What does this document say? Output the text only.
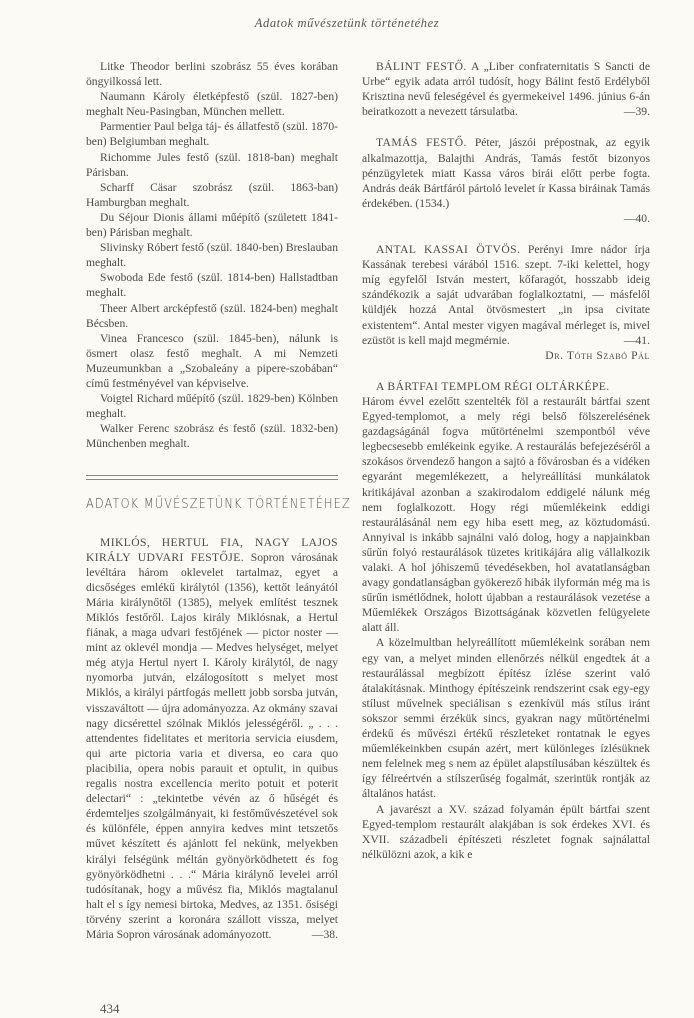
Adatok művészetünk történetéhez

Litke Theodor berlini szobrász 55 éves korában öngyilkossá lett.

Naumann Károly életképfestő (szül. 1827-ben) meghalt Neu-Pasingban, München mellett.

Parmentier Paul belga táj- és állatfestő (szül. 1870-ben) Belgiumban meghalt.

Richomme Jules festő (szül. 1818-ban) meghalt Párisban.

Scharff Cäsar szobrász (szül. 1863-ban) Hamburgban meghalt.

Du Séjour Dionis állami műépítő (született 1841-ben) Párisban meghalt.

Slivinsky Róbert festő (szül. 1840-ben) Breslauban meghalt.

Swoboda Ede festő (szül. 1814-ben) Hallstadtban meghalt.

Theer Albert arcképfestő (szül. 1824-ben) meghalt Bécsben.

Vinea Francesco (szül. 1845-ben), nálunk is ösmert olasz festő meghalt. A mi Nemzeti Muzeumunkban a „Szobaleány a pipere-szobában“ című festményével van képviselve.

Voigtel Richard műépítő (szül. 1829-ben) Kölnben meghalt.

Walker Ferenc szobrász és festő (szül. 1832-ben) Münchenben meghalt.

ADATOK MŰVÉSZETÜNK TÖRTÉNETÉHEZ

MIKLÓS, HERTUL FIA, NAGY LAJOS KIRÁLY UDVARI FESTŐJE. Sopron városának levéltára három oklevelet tartalmaz, egyet a dicsőséges emlékű királytól (1356), kettőt leányától Mária királynőtől (1385), melyek említést tesznek Miklós festőről. Lajos király Miklósnak, a Hertul fiának, a maga udvari festőjének — pictor noster — mint az oklevél mondja — Medves helységet, melyet még atyja Hertul nyert I. Károly királytól, de nagy nyomorba jutván, elzálogosított s melyet most Miklós, a királyi pártfogás mellett jobb sorsba jutván, visszaváltott — újra adományozza. Az okmány szavai nagy dicsérettel szólnak Miklós jelességéről. „ . . . attendentes fidelitates et meritoria servicia eiusdem, qui arte pictoria varia et diversa, eo cara quo placibilia, opera nobis parauit et optulit, in quibus regalis nostra excellencia merito potuit et poterit delectari“ : „tekintetbe vévén az ő hűségét és érdemteljes szolgálmányait, ki festőművészetével sok és különféle, éppen annyira kedves mint tetszetős művet készített és ajánlott fel nekünk, melyekben királyi felségünk méltán gyönyörködhetett és fog gyönyörködhetni . . .“ Mária királynő levelei arról tudósítanak, hogy a művész fia, Miklós magtalanul halt el s így nemesi birtoka, Medves, az 1351. ősiségi törvény szerint a koronára szállott vissza, melyet Mária Sopron városának adományozott.	—38.

434

BÁLINT FESTŐ. A „Liber confraternitatis S Sancti de Urbe“ egyik adata arról tudósít, hogy Bálint festő Erdélyből Krisztina nevű feleségével és gyermekeivel 1496. június 6-án beiratkozott a nevezett társulatba.	—39.

TAMÁS FESTŐ. Péter, jászói prépostnak, az egyik alkalmazottja, Balajthi András, Tamás festőt bizonyos pénzügyletek miatt Kassa város birái előtt perbe fogta. András deák Bártfáról pártoló levelet ír Kassa biráinak Tamás érdekében. (1534.)

—40.

ANTAL KASSAI ÖTVÖS. Perényi Imre nádor írja Kassának terebesi várából 1516. szept. 7-iki kelettel, hogy míg egyfelől István mestert, kőfaragót, hosszabb ideig szándékozik a saját udvarában foglalkoztatni, — másfelől küldjék hozzá Antal ötvösmestert „in ipsa civitate existentem“. Antal mester vigyen magával mérleget is, mivel ezüstöt is kell majd megmérnie.	—41.

Dr. Tóth Szabó Pál

A BÁRTFAI TEMPLOM RÉGI OLTÁRKÉPE.
Három évvel ezelőtt szentelték föl a restaurált bártfai szent Egyed-templomot, a mely régi belső fölszerelésének gazdagságánál fogva műtörténelmi szempontból véve legbecsesebb emlékeink egyike. A restaurálás befejezéséről a szokásos örvendező hangon a sajtó a fővárosban és a vidéken egyaránt megemlékezett, a helyreállítási munkálatok kritikájával azonban a szakirodalom eddigelé nálunk még nem foglalkozott. Hogy régi műemlékeink eddigi restaurálásánál nem egy hiba esett meg, az köztudomású. Annyival is inkább sajnálni való dolog, hogy a napjainkban sűrűn folyó restaurálások tüzetes kritikájára alig vállalkozik valaki. A hol jóhiszemű tévedésekben, hol avatatlanságban avagy gondatlanságban gyökerező hibák ilyformán még ma is sűrűn ismétlődnek, holott újabban a restaurálások vezetése a Műemlékek Országos Bizottságának közvetlen felügyelete alatt áll.

A közelmultban helyreállított műemlékeink sorában nem egy van, a melyet minden ellenőrzés nélkül engedtek át a restaurálással megbízott építész ízlése szerint való átalakításnak. Minthogy építészeink rendszerint csak egy-egy stílust művelnek speciálisan s ezenkívül más stílus iránt sokszor semmi érzékük sincs, gyakran nagy műtörténelmi érdekű és művészi értékű részleteket rontatnak le egyes műemlékeinkben csupán azért, mert különleges ízlésüknek nem felelnek meg s nem az épület alapstílusában készültek és így félreértvén a stílszerűség fogalmát, szerintük rontják az általános hatást.

A javarészt a XV. század folyamán épült bártfai szent Egyed-templom restaurált alakjában is sok érdekes XVI. és XVII. századbeli építészeti részletet fognak sajnálattal nélkülözni azok, a kik e
